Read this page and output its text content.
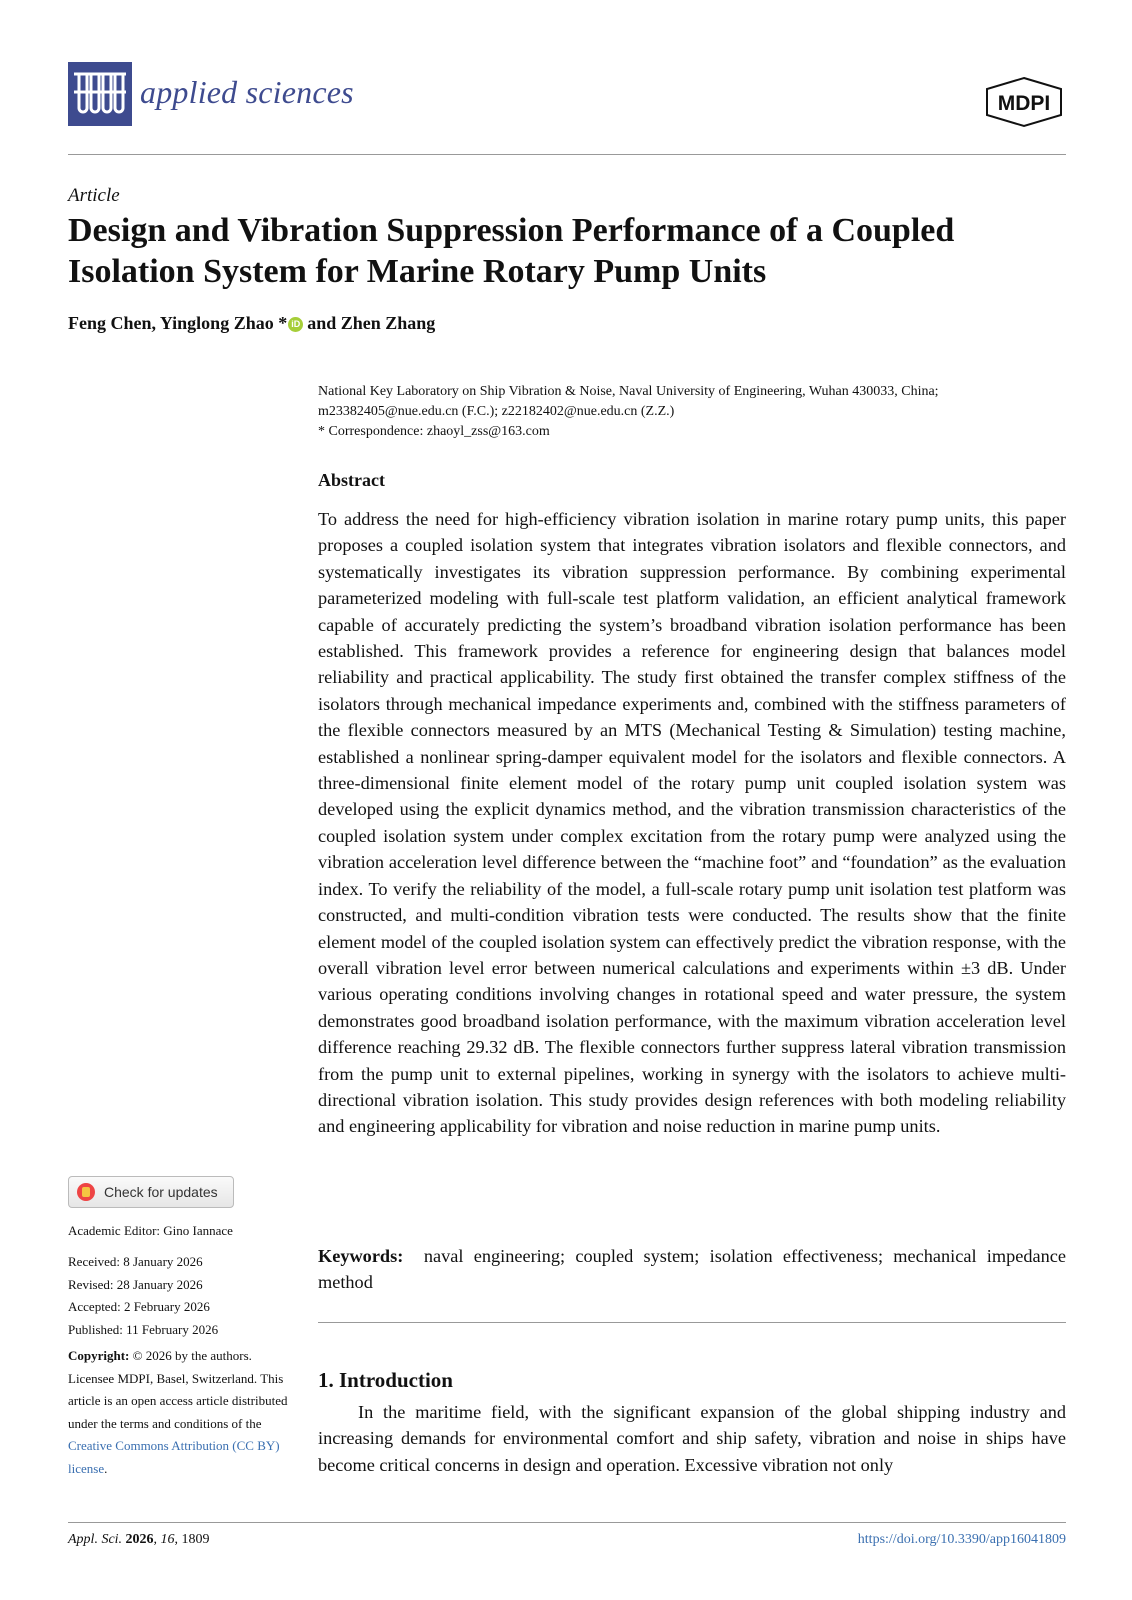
applied sciences	MDPI
Article
Design and Vibration Suppression Performance of a Coupled Isolation System for Marine Rotary Pump Units
Feng Chen, Yinglong Zhao * iD and Zhen Zhang
National Key Laboratory on Ship Vibration & Noise, Naval University of Engineering, Wuhan 430033, China;
m23382405@nue.edu.cn (F.C.); z22182402@nue.edu.cn (Z.Z.)
* Correspondence: zhaoyl_zss@163.com
Abstract
To address the need for high-efficiency vibration isolation in marine rotary pump units, this paper proposes a coupled isolation system that integrates vibration isolators and flexible connectors, and systematically investigates its vibration suppression performance. By combining experimental parameterized modeling with full-scale test platform validation, an efficient analytical framework capable of accurately predicting the system’s broadband vibration isolation performance has been established. This framework provides a reference for engineering design that balances model reliability and practical applicability. The study first obtained the transfer complex stiffness of the isolators through mechanical impedance experiments and, combined with the stiffness parameters of the flexible connectors measured by an MTS (Mechanical Testing & Simulation) testing machine, established a nonlinear spring-damper equivalent model for the isolators and flexible connectors. A three-dimensional finite element model of the rotary pump unit coupled isolation system was developed using the explicit dynamics method, and the vibration transmission characteristics of the coupled isolation system under complex excitation from the rotary pump were analyzed using the vibration acceleration level difference between the “machine foot” and “foundation” as the evaluation index. To verify the reliability of the model, a full-scale rotary pump unit isolation test platform was constructed, and multi-condition vibration tests were conducted. The results show that the finite element model of the coupled isolation system can effectively predict the vibration response, with the overall vibration level error between numerical calculations and experiments within ±3 dB. Under various operating conditions involving changes in rotational speed and water pressure, the system demonstrates good broadband isolation performance, with the maximum vibration acceleration level difference reaching 29.32 dB. The flexible connectors further suppress lateral vibration transmission from the pump unit to external pipelines, working in synergy with the isolators to achieve multi-directional vibration isolation. This study provides design references with both modeling reliability and engineering applicability for vibration and noise reduction in marine pump units.
Keywords: naval engineering; coupled system; isolation effectiveness; mechanical impedance method
1. Introduction
In the maritime field, with the significant expansion of the global shipping industry and increasing demands for environmental comfort and ship safety, vibration and noise in ships have become critical concerns in design and operation. Excessive vibration not only
Check for updates
Academic Editor: Gino Iannace
Received: 8 January 2026
Revised: 28 January 2026
Accepted: 2 February 2026
Published: 11 February 2026
Copyright: © 2026 by the authors. Licensee MDPI, Basel, Switzerland. This article is an open access article distributed under the terms and conditions of the Creative Commons Attribution (CC BY) license.
Appl. Sci. 2026, 16, 1809	https://doi.org/10.3390/app16041809
